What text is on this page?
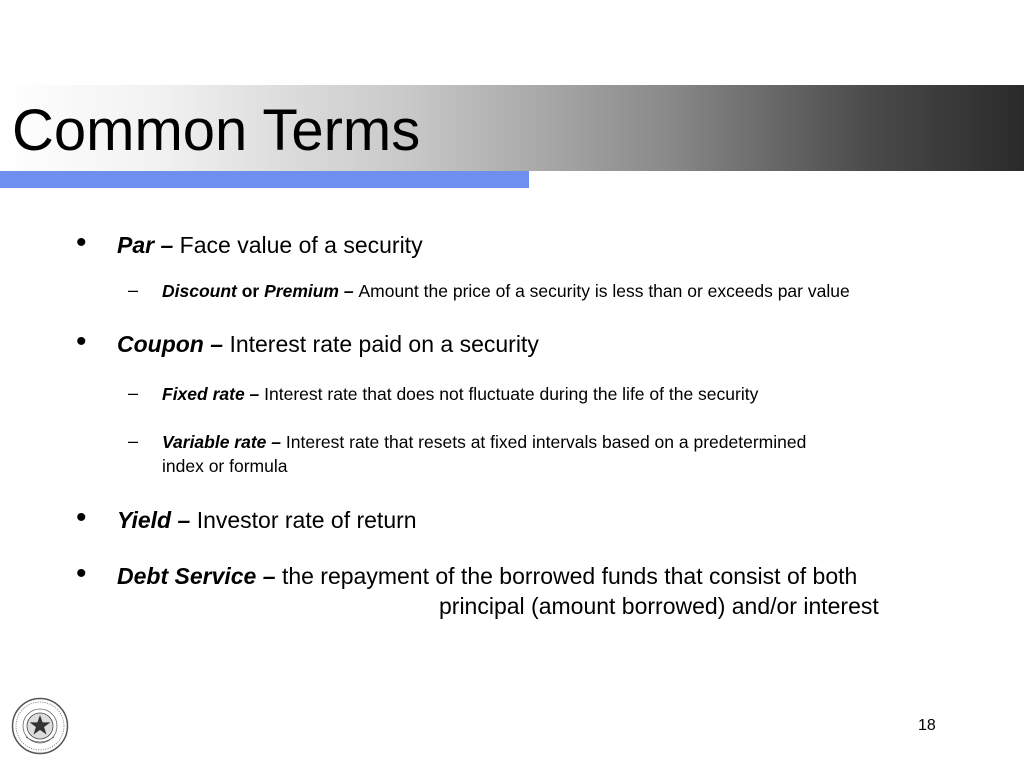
Common Terms
• Par – Face value of a security
– Discount or Premium – Amount the price of a security is less than or exceeds par value
• Coupon – Interest rate paid on a security
– Fixed rate – Interest rate that does not fluctuate during the life of the security
– Variable rate – Interest rate that resets at fixed intervals based on a predetermined
index or formula
• Yield – Investor rate of return
• Debt Service – the repayment of the borrowed funds that consist of both
principal (amount borrowed) and/or interest
18
